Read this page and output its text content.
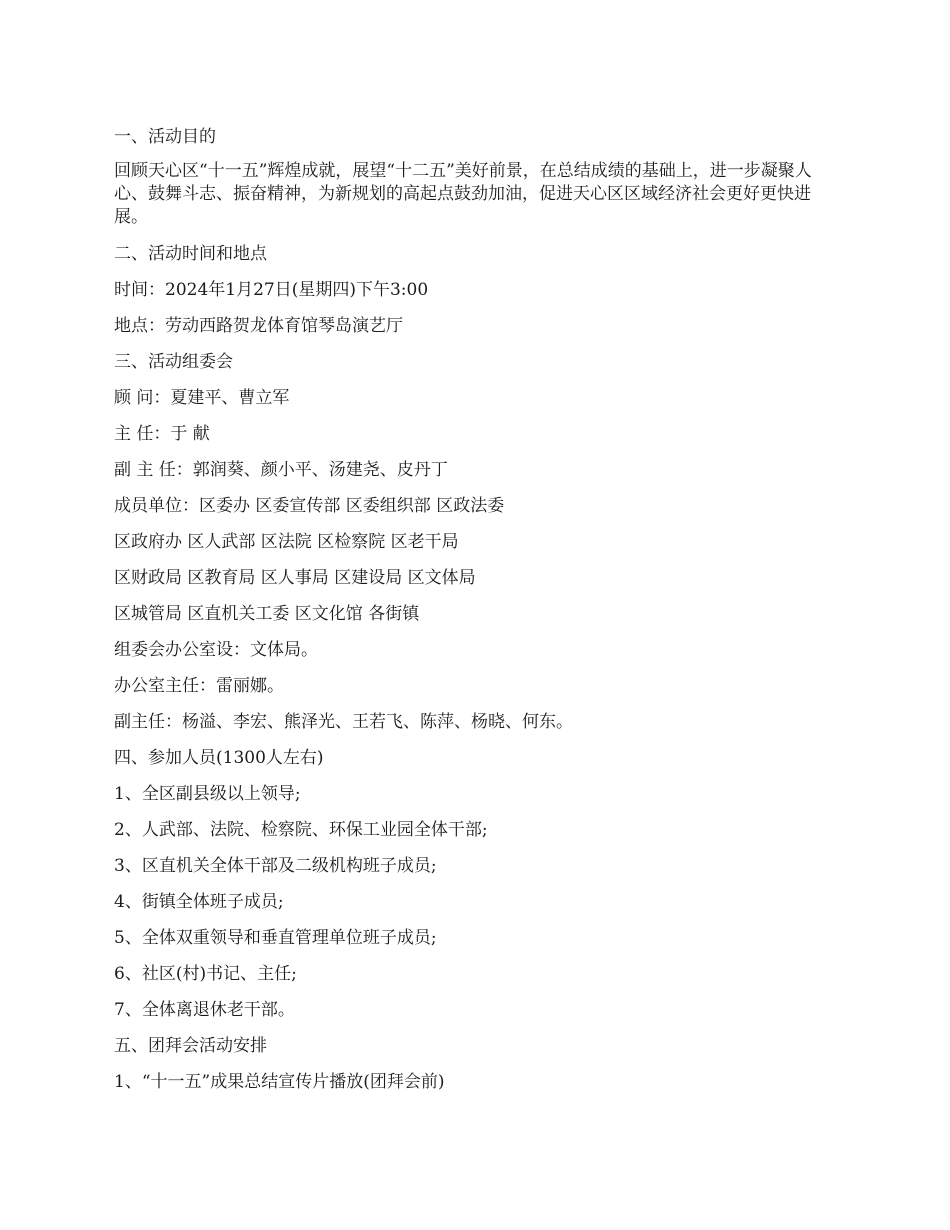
一、活动目的

回顾天心区“十一五”辉煌成就，展望“十二五”美好前景，在总结成绩的基础上，进一步凝聚人心、鼓舞斗志、振奋精神，为新规划的高起点鼓劲加油，促进天心区区域经济社会更好更快进展。

二、活动时间和地点

时间：2024年1月27日(星期四)下午3:00

地点：劳动西路贺龙体育馆琴岛演艺厅

三、活动组委会

顾 问：夏建平、曹立军

主 任：于 献

副 主 任：郭润葵、颜小平、汤建尧、皮丹丁

成员单位：区委办 区委宣传部 区委组织部 区政法委

区政府办 区人武部 区法院 区检察院 区老干局

区财政局 区教育局 区人事局 区建设局 区文体局

区城管局 区直机关工委 区文化馆 各街镇

组委会办公室设：文体局。

办公室主任：雷丽娜。

副主任：杨溢、李宏、熊泽光、王若飞、陈萍、杨晓、何东。

四、参加人员(1300人左右)

1、全区副县级以上领导;

2、人武部、法院、检察院、环保工业园全体干部;

3、区直机关全体干部及二级机构班子成员;

4、街镇全体班子成员;

5、全体双重领导和垂直管理单位班子成员;

6、社区(村)书记、主任;

7、全体离退休老干部。

五、团拜会活动安排

1、“十一五”成果总结宣传片播放(团拜会前)
